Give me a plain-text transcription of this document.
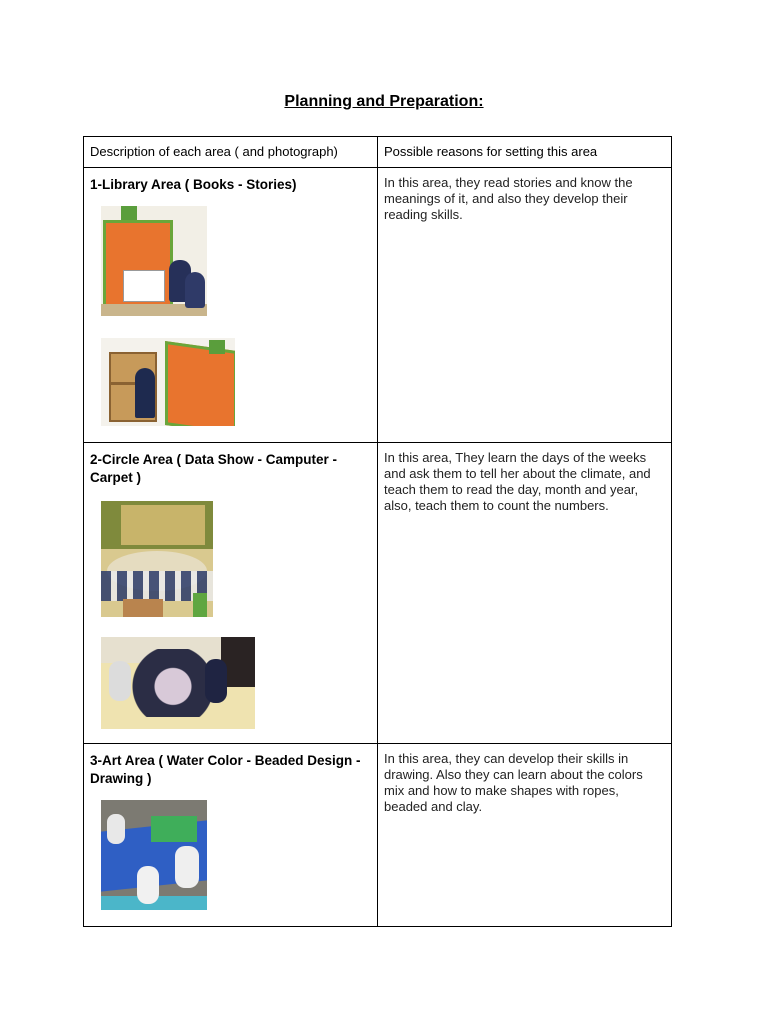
Planning and Preparation:
Description of each area ( and photograph)	Possible reasons for setting this area

1-Library Area ( Books - Stories)	In this area, they read stories and know the meanings of it, and also they develop their reading skills.

2-Circle Area ( Data Show - Camputer - Carpet )	In this area, They learn the days of the weeks and ask them to tell her about the climate, and teach them to read the day, month and year, also, teach them to count the numbers.

3-Art Area ( Water Color - Beaded Design - Drawing )	In this area, they can develop their skills in drawing. Also they can learn about the colors mix and how to make shapes with ropes, beaded and clay.
